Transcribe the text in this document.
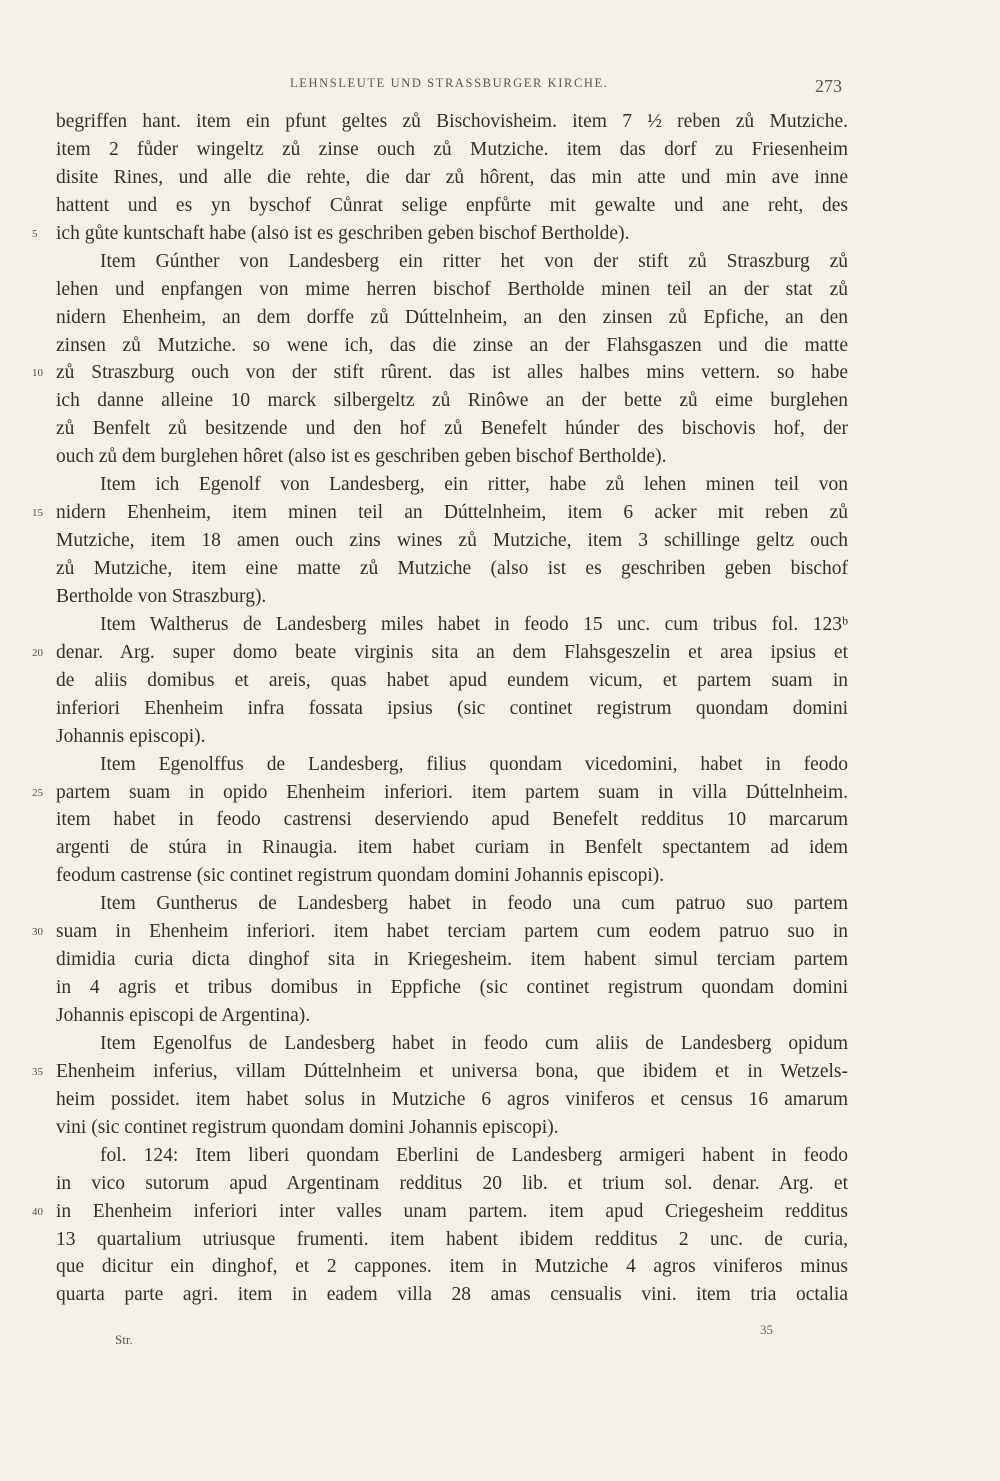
LEHNSLEUTE UND STRASSBURGER KIRCHE.	273
begriffen hant. item ein pfunt geltes zů Bischovisheim. item 7 ½ reben zů Mutziche.
item 2 fůder wingeltz zů zinse ouch zů Mutziche. item das dorf zu Friesenheim
disite Rines, und alle die rehte, die dar zů hôrent, das min atte und min ave inne
hattent und es yn byschof Cůnrat selige enpfůrte mit gewalte und ane reht, des
5 ich gůte kuntschaft habe (also ist es geschriben geben bischof Bertholde).
Item Gúnther von Landesberg ein ritter het von der stift zů Straszburg zů
lehen und enpfangen von mime herren bischof Bertholde minen teil an der stat zů
nidern Ehenheim, an dem dorffe zů Dúttelnheim, an den zinsen zů Epfiche, an den
zinsen zů Mutziche. so wene ich, das die zinse an der Flahsgaszen und die matte
10 zů Straszburg ouch von der stift rûrent. das ist alles halbes mins vettern. so habe
ich danne alleine 10 marck silbergeltz zů Rinôwe an der bette zů eime burglehen
zů Benfelt zů besitzende und den hof zů Benefelt húnder des bischovis hof, der
ouch zů dem burglehen hôret (also ist es geschriben geben bischof Bertholde).
Item ich Egenolf von Landesberg, ein ritter, habe zů lehen minen teil von
15 nidern Ehenheim, item minen teil an Dúttelnheim, item 6 acker mit reben zů
Mutziche, item 18 amen ouch zins wines zů Mutziche, item 3 schillinge geltz ouch
zů Mutziche, item eine matte zů Mutziche (also ist es geschriben geben bischof
Bertholde von Straszburg).
Item Waltherus de Landesberg miles habet in feodo 15 unc. cum tribus fol. 123ᵇ
20 denar. Arg. super domo beate virginis sita an dem Flahsgeszelin et area ipsius et
de aliis domibus et areis, quas habet apud eundem vicum, et partem suam in
inferiori Ehenheim infra fossata ipsius (sic continet registrum quondam domini
Johannis episcopi).
Item Egenolffus de Landesberg, filius quondam vicedomini, habet in feodo
25 partem suam in opido Ehenheim inferiori. item partem suam in villa Dúttelnheim.
item habet in feodo castrensi deserviendo apud Benefelt redditus 10 marcarum
argenti de stúra in Rinaugia. item habet curiam in Benfelt spectantem ad idem
feodum castrense (sic continet registrum quondam domini Johannis episcopi).
Item Guntherus de Landesberg habet in feodo una cum patruo suo partem
30 suam in Ehenheim inferiori. item habet terciam partem cum eodem patruo suo in
dimidia curia dicta dinghof sita in Kriegesheim. item habent simul terciam partem
in 4 agris et tribus domibus in Eppfiche (sic continet registrum quondam domini
Johannis episcopi de Argentina).
Item Egenolfus de Landesberg habet in feodo cum aliis de Landesberg opidum
35 Ehenheim inferius, villam Dúttelnheim et universa bona, que ibidem et in Wetzels-
heim possidet. item habet solus in Mutziche 6 agros viniferos et census 16 amarum
vini (sic continet registrum quondam domini Johannis episcopi).
fol. 124: Item liberi quondam Eberlini de Landesberg armigeri habent in feodo
in vico sutorum apud Argentinam redditus 20 lib. et trium sol. denar. Arg. et
40 in Ehenheim inferiori inter valles unam partem. item apud Criegesheim redditus
13 quartalium utriusque frumenti. item habent ibidem redditus 2 unc. de curia,
que dicitur ein dinghof, et 2 cappones. item in Mutziche 4 agros viniferos minus
quarta parte agri. item in eadem villa 28 amas censualis vini. item tria octalia
Str.
35
